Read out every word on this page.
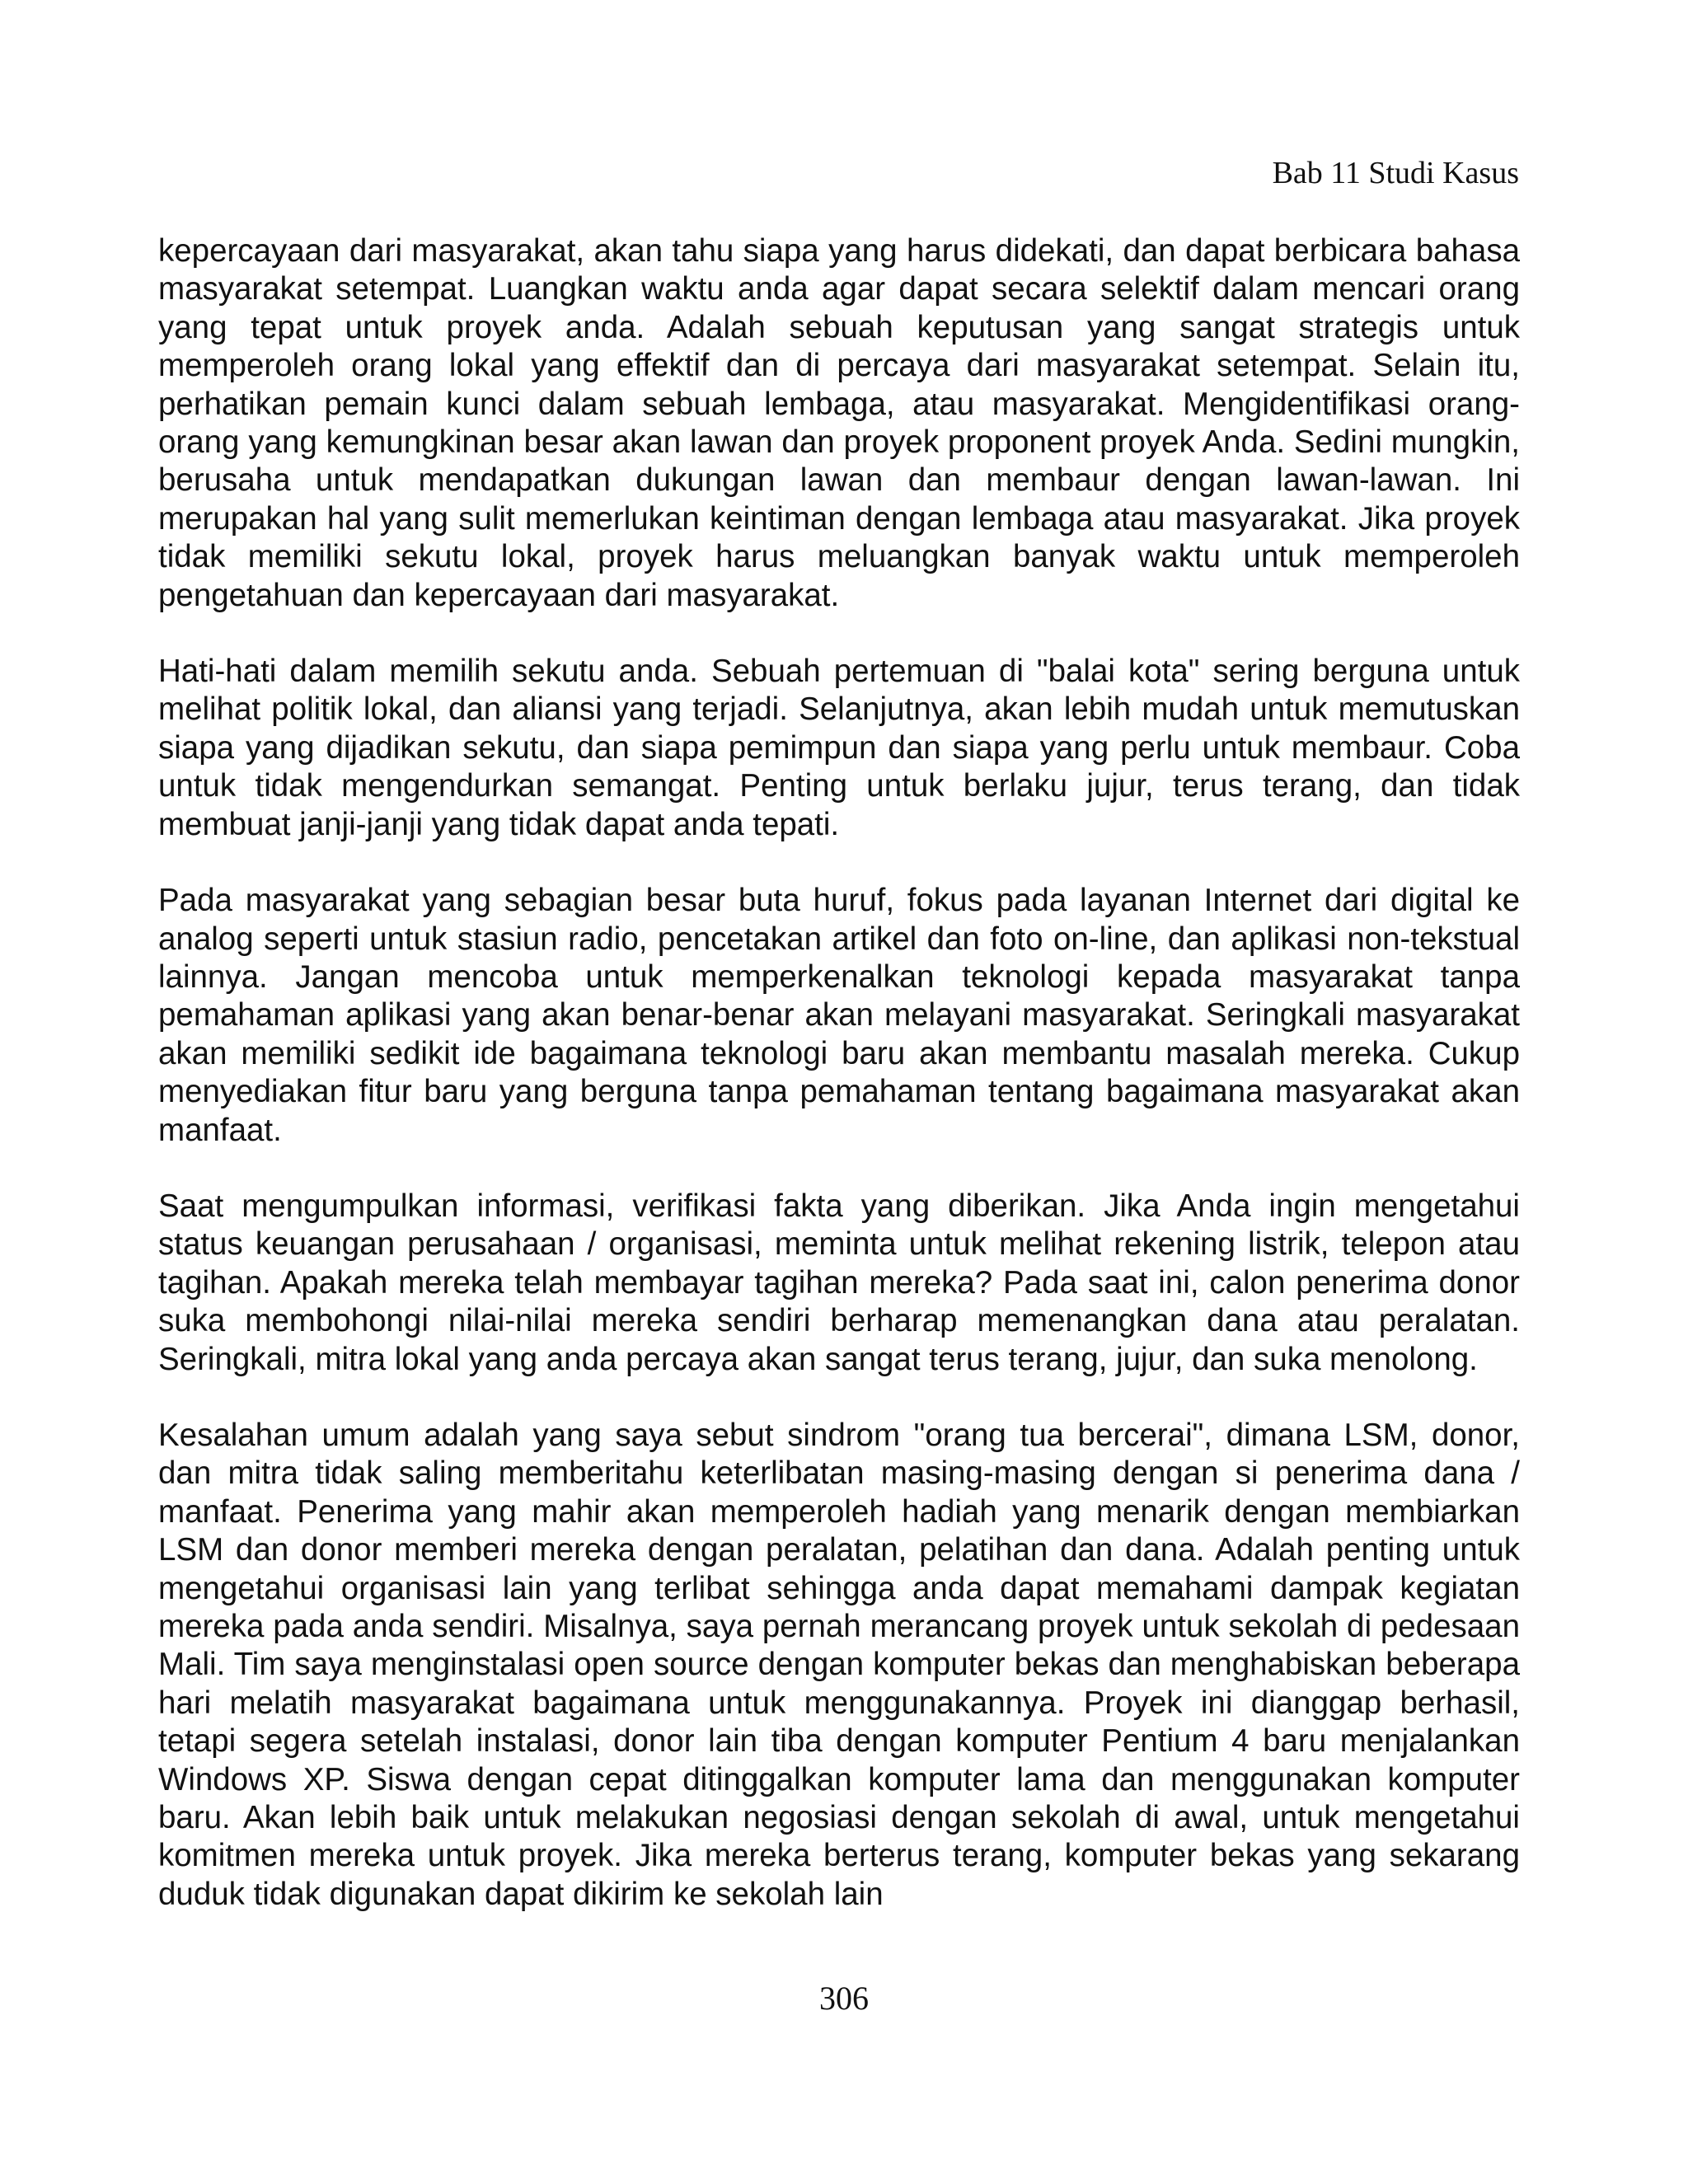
Bab 11 Studi Kasus

kepercayaan dari masyarakat, akan tahu siapa yang harus didekati, dan dapat berbicara bahasa masyarakat setempat. Luangkan waktu anda agar dapat secara selektif dalam mencari orang yang tepat untuk proyek anda. Adalah sebuah keputusan yang sangat strategis untuk memperoleh orang lokal yang effektif dan di percaya dari masyarakat setempat. Selain itu, perhatikan pemain kunci dalam sebuah lembaga, atau masyarakat. Mengidentifikasi orang-orang yang kemungkinan besar akan lawan dan proyek proponent proyek Anda. Sedini mungkin, berusaha untuk mendapatkan dukungan lawan dan membaur dengan lawan-lawan. Ini merupakan hal yang sulit memerlukan keintiman dengan lembaga atau masyarakat. Jika proyek tidak memiliki sekutu lokal, proyek harus meluangkan banyak waktu untuk memperoleh pengetahuan dan kepercayaan dari masyarakat.

Hati-hati dalam memilih sekutu anda. Sebuah pertemuan di "balai kota" sering berguna untuk melihat politik lokal, dan aliansi yang terjadi. Selanjutnya, akan lebih mudah untuk memutuskan siapa yang dijadikan sekutu, dan siapa pemimpun dan siapa yang perlu untuk membaur. Coba untuk tidak mengendurkan semangat. Penting untuk berlaku jujur, terus terang, dan tidak membuat janji-janji yang tidak dapat anda tepati.

Pada masyarakat yang sebagian besar buta huruf, fokus pada layanan Internet dari digital ke analog seperti untuk stasiun radio, pencetakan artikel dan foto on-line, dan aplikasi non-tekstual lainnya. Jangan mencoba untuk memperkenalkan teknologi kepada masyarakat tanpa pemahaman aplikasi yang akan benar-benar akan melayani masyarakat. Seringkali masyarakat akan memiliki sedikit ide bagaimana teknologi baru akan membantu masalah mereka. Cukup menyediakan fitur baru yang berguna tanpa pemahaman tentang bagaimana masyarakat akan manfaat.

Saat mengumpulkan informasi, verifikasi fakta yang diberikan. Jika Anda ingin mengetahui status keuangan perusahaan / organisasi, meminta untuk melihat rekening listrik, telepon atau tagihan. Apakah mereka telah membayar tagihan mereka? Pada saat ini, calon penerima donor suka membohongi nilai-nilai mereka sendiri berharap memenangkan dana atau peralatan. Seringkali, mitra lokal yang anda percaya akan sangat terus terang, jujur, dan suka menolong.

Kesalahan umum adalah yang saya sebut sindrom "orang tua bercerai", dimana LSM, donor, dan mitra tidak saling memberitahu keterlibatan masing-masing dengan si penerima dana / manfaat. Penerima yang mahir akan memperoleh hadiah yang menarik dengan membiarkan LSM dan donor memberi mereka dengan peralatan, pelatihan dan dana. Adalah penting untuk mengetahui organisasi lain yang terlibat sehingga anda dapat memahami dampak kegiatan mereka pada anda sendiri. Misalnya, saya pernah merancang proyek untuk sekolah di pedesaan Mali. Tim saya menginstalasi open source dengan komputer bekas dan menghabiskan beberapa hari melatih masyarakat bagaimana untuk menggunakannya. Proyek ini dianggap berhasil, tetapi segera setelah instalasi, donor lain tiba dengan komputer Pentium 4 baru menjalankan Windows XP. Siswa dengan cepat ditinggalkan komputer lama dan menggunakan komputer baru. Akan lebih baik untuk melakukan negosiasi dengan sekolah di awal, untuk mengetahui komitmen mereka untuk proyek. Jika mereka berterus terang, komputer bekas yang sekarang duduk tidak digunakan dapat dikirim ke sekolah lain

306
